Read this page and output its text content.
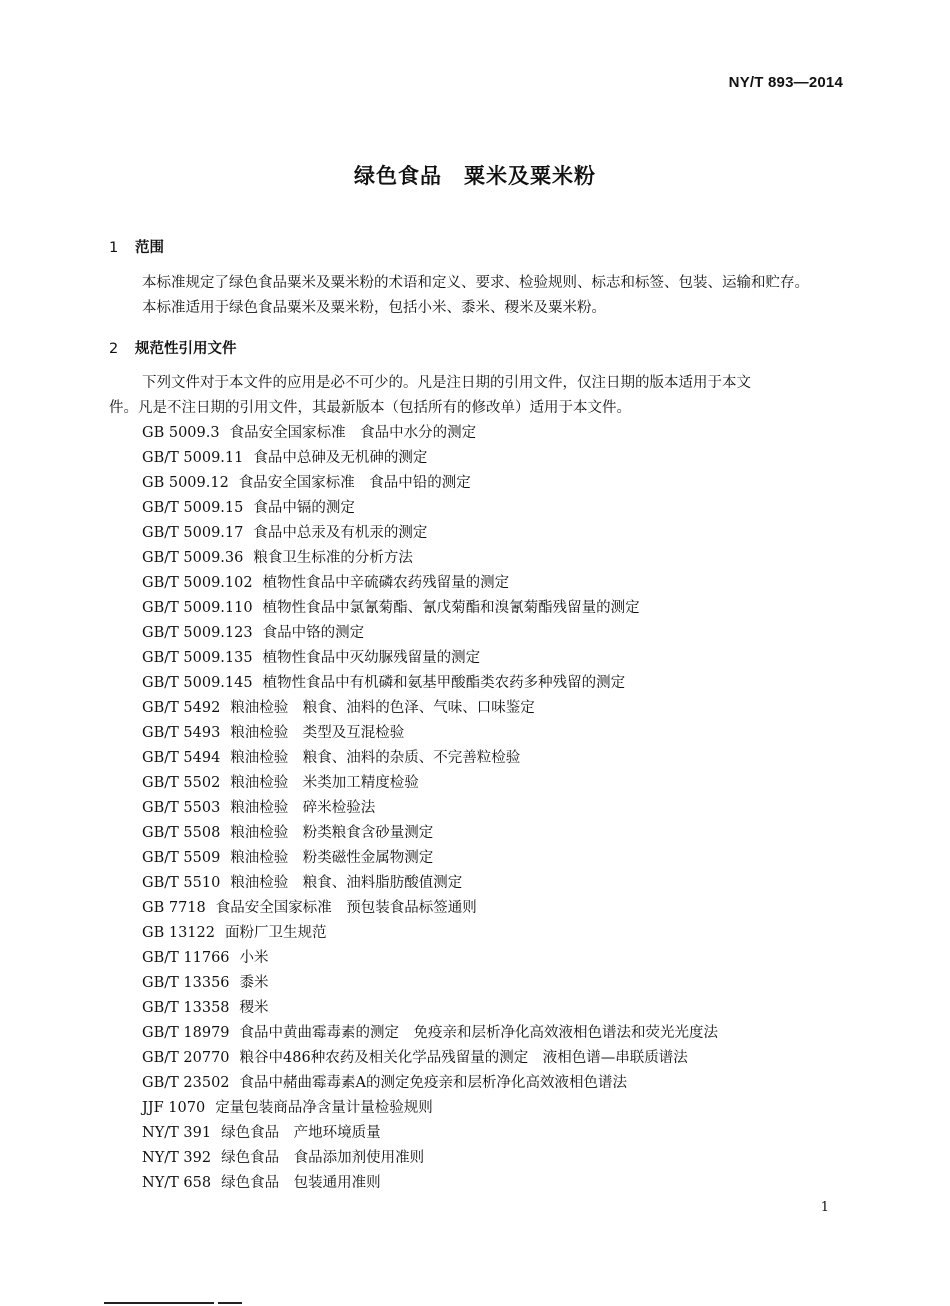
NY/T 893—2014
绿色食品　粟米及粟米粉
1 范围
本标准规定了绿色食品粟米及粟米粉的术语和定义、要求、检验规则、标志和标签、包装、运输和贮存。
本标准适用于绿色食品粟米及粟米粉，包括小米、黍米、稷米及粟米粉。
2 规范性引用文件
下列文件对于本文件的应用是必不可少的。凡是注日期的引用文件，仅注日期的版本适用于本文
件。凡是不注日期的引用文件，其最新版本（包括所有的修改单）适用于本文件。
GB 5009.3 食品安全国家标准　食品中水分的测定
GB/T 5009.11 食品中总砷及无机砷的测定
GB 5009.12 食品安全国家标准　食品中铅的测定
GB/T 5009.15 食品中镉的测定
GB/T 5009.17 食品中总汞及有机汞的测定
GB/T 5009.36 粮食卫生标准的分析方法
GB/T 5009.102 植物性食品中辛硫磷农药残留量的测定
GB/T 5009.110 植物性食品中氯氰菊酯、氰戊菊酯和溴氰菊酯残留量的测定
GB/T 5009.123 食品中铬的测定
GB/T 5009.135 植物性食品中灭幼脲残留量的测定
GB/T 5009.145 植物性食品中有机磷和氨基甲酸酯类农药多种残留的测定
GB/T 5492 粮油检验　粮食、油料的色泽、气味、口味鉴定
GB/T 5493 粮油检验　类型及互混检验
GB/T 5494 粮油检验　粮食、油料的杂质、不完善粒检验
GB/T 5502 粮油检验　米类加工精度检验
GB/T 5503 粮油检验　碎米检验法
GB/T 5508 粮油检验　粉类粮食含砂量测定
GB/T 5509 粮油检验　粉类磁性金属物测定
GB/T 5510 粮油检验　粮食、油料脂肪酸值测定
GB 7718 食品安全国家标准　预包装食品标签通则
GB 13122 面粉厂卫生规范
GB/T 11766 小米
GB/T 13356 黍米
GB/T 13358 稷米
GB/T 18979 食品中黄曲霉毒素的测定　免疫亲和层析净化高效液相色谱法和荧光光度法
GB/T 20770 粮谷中486种农药及相关化学品残留量的测定　液相色谱—串联质谱法
GB/T 23502 食品中赭曲霉毒素A的测定免疫亲和层析净化高效液相色谱法
JJF 1070 定量包装商品净含量计量检验规则
NY/T 391 绿色食品　产地环境质量
NY/T 392 绿色食品　食品添加剂使用准则
NY/T 658 绿色食品　包装通用准则
1
